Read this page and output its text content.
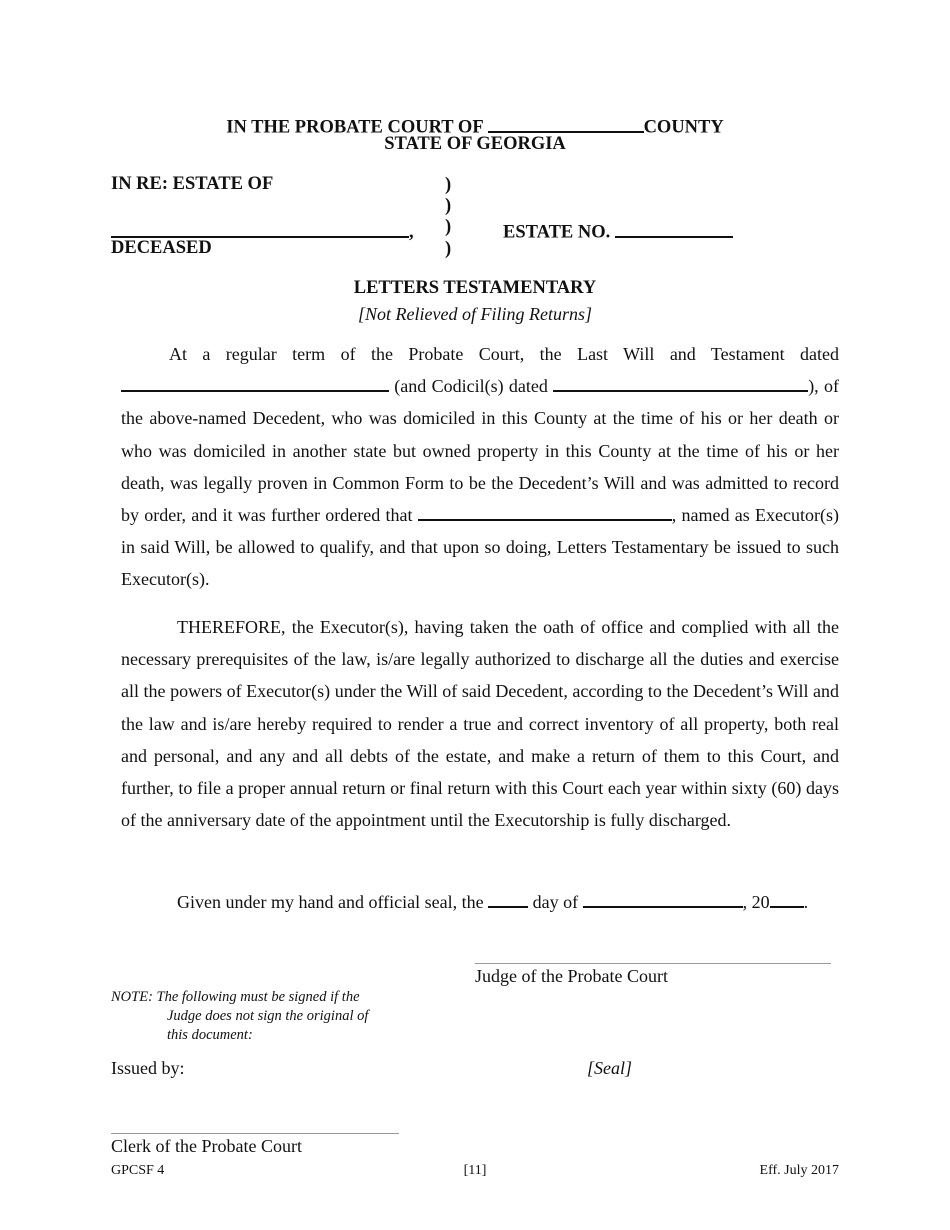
IN THE PROBATE COURT OF	COUNTY
STATE OF GEORGIA
IN RE: ESTATE OF
,
DECEASED
)
)
)
)
ESTATE NO.
LETTERS TESTAMENTARY
[Not Relieved of Filing Returns]

At a regular term of the Probate Court, the Last Will and Testament dated  (and Codicil(s) dated	), of the above-named Decedent, who was domiciled in this County at the time of his or her death or who was domiciled in another state but owned property in this County at the time of his or her death, was legally proven in Common Form to be the Decedent’s Will and was admitted to record by order, and it was further ordered that	, named as Executor(s) in said Will, be allowed to qualify, and that upon so doing, Letters Testamentary be issued to such Executor(s).

THEREFORE, the Executor(s), having taken the oath of office and complied with all the necessary prerequisites of the law, is/are legally authorized to discharge all the duties and exercise all the powers of Executor(s) under the Will of said Decedent, according to the Decedent’s Will and the law and is/are hereby required to render a true and correct inventory of all property, both real and personal, and any and all debts of the estate, and make a return of them to this Court, and further, to file a proper annual return or final return with this Court each year within sixty (60) days of the anniversary date of the appointment until the Executorship is fully discharged.

Given under my hand and official seal, the  day of	, 20 .
Judge of the Probate Court
NOTE: The following must be signed if the
Judge does not sign the original of
this document:
Issued by:	[Seal]
Clerk of the Probate Court
GPCSF 4	[11]	Eff. July 2017
